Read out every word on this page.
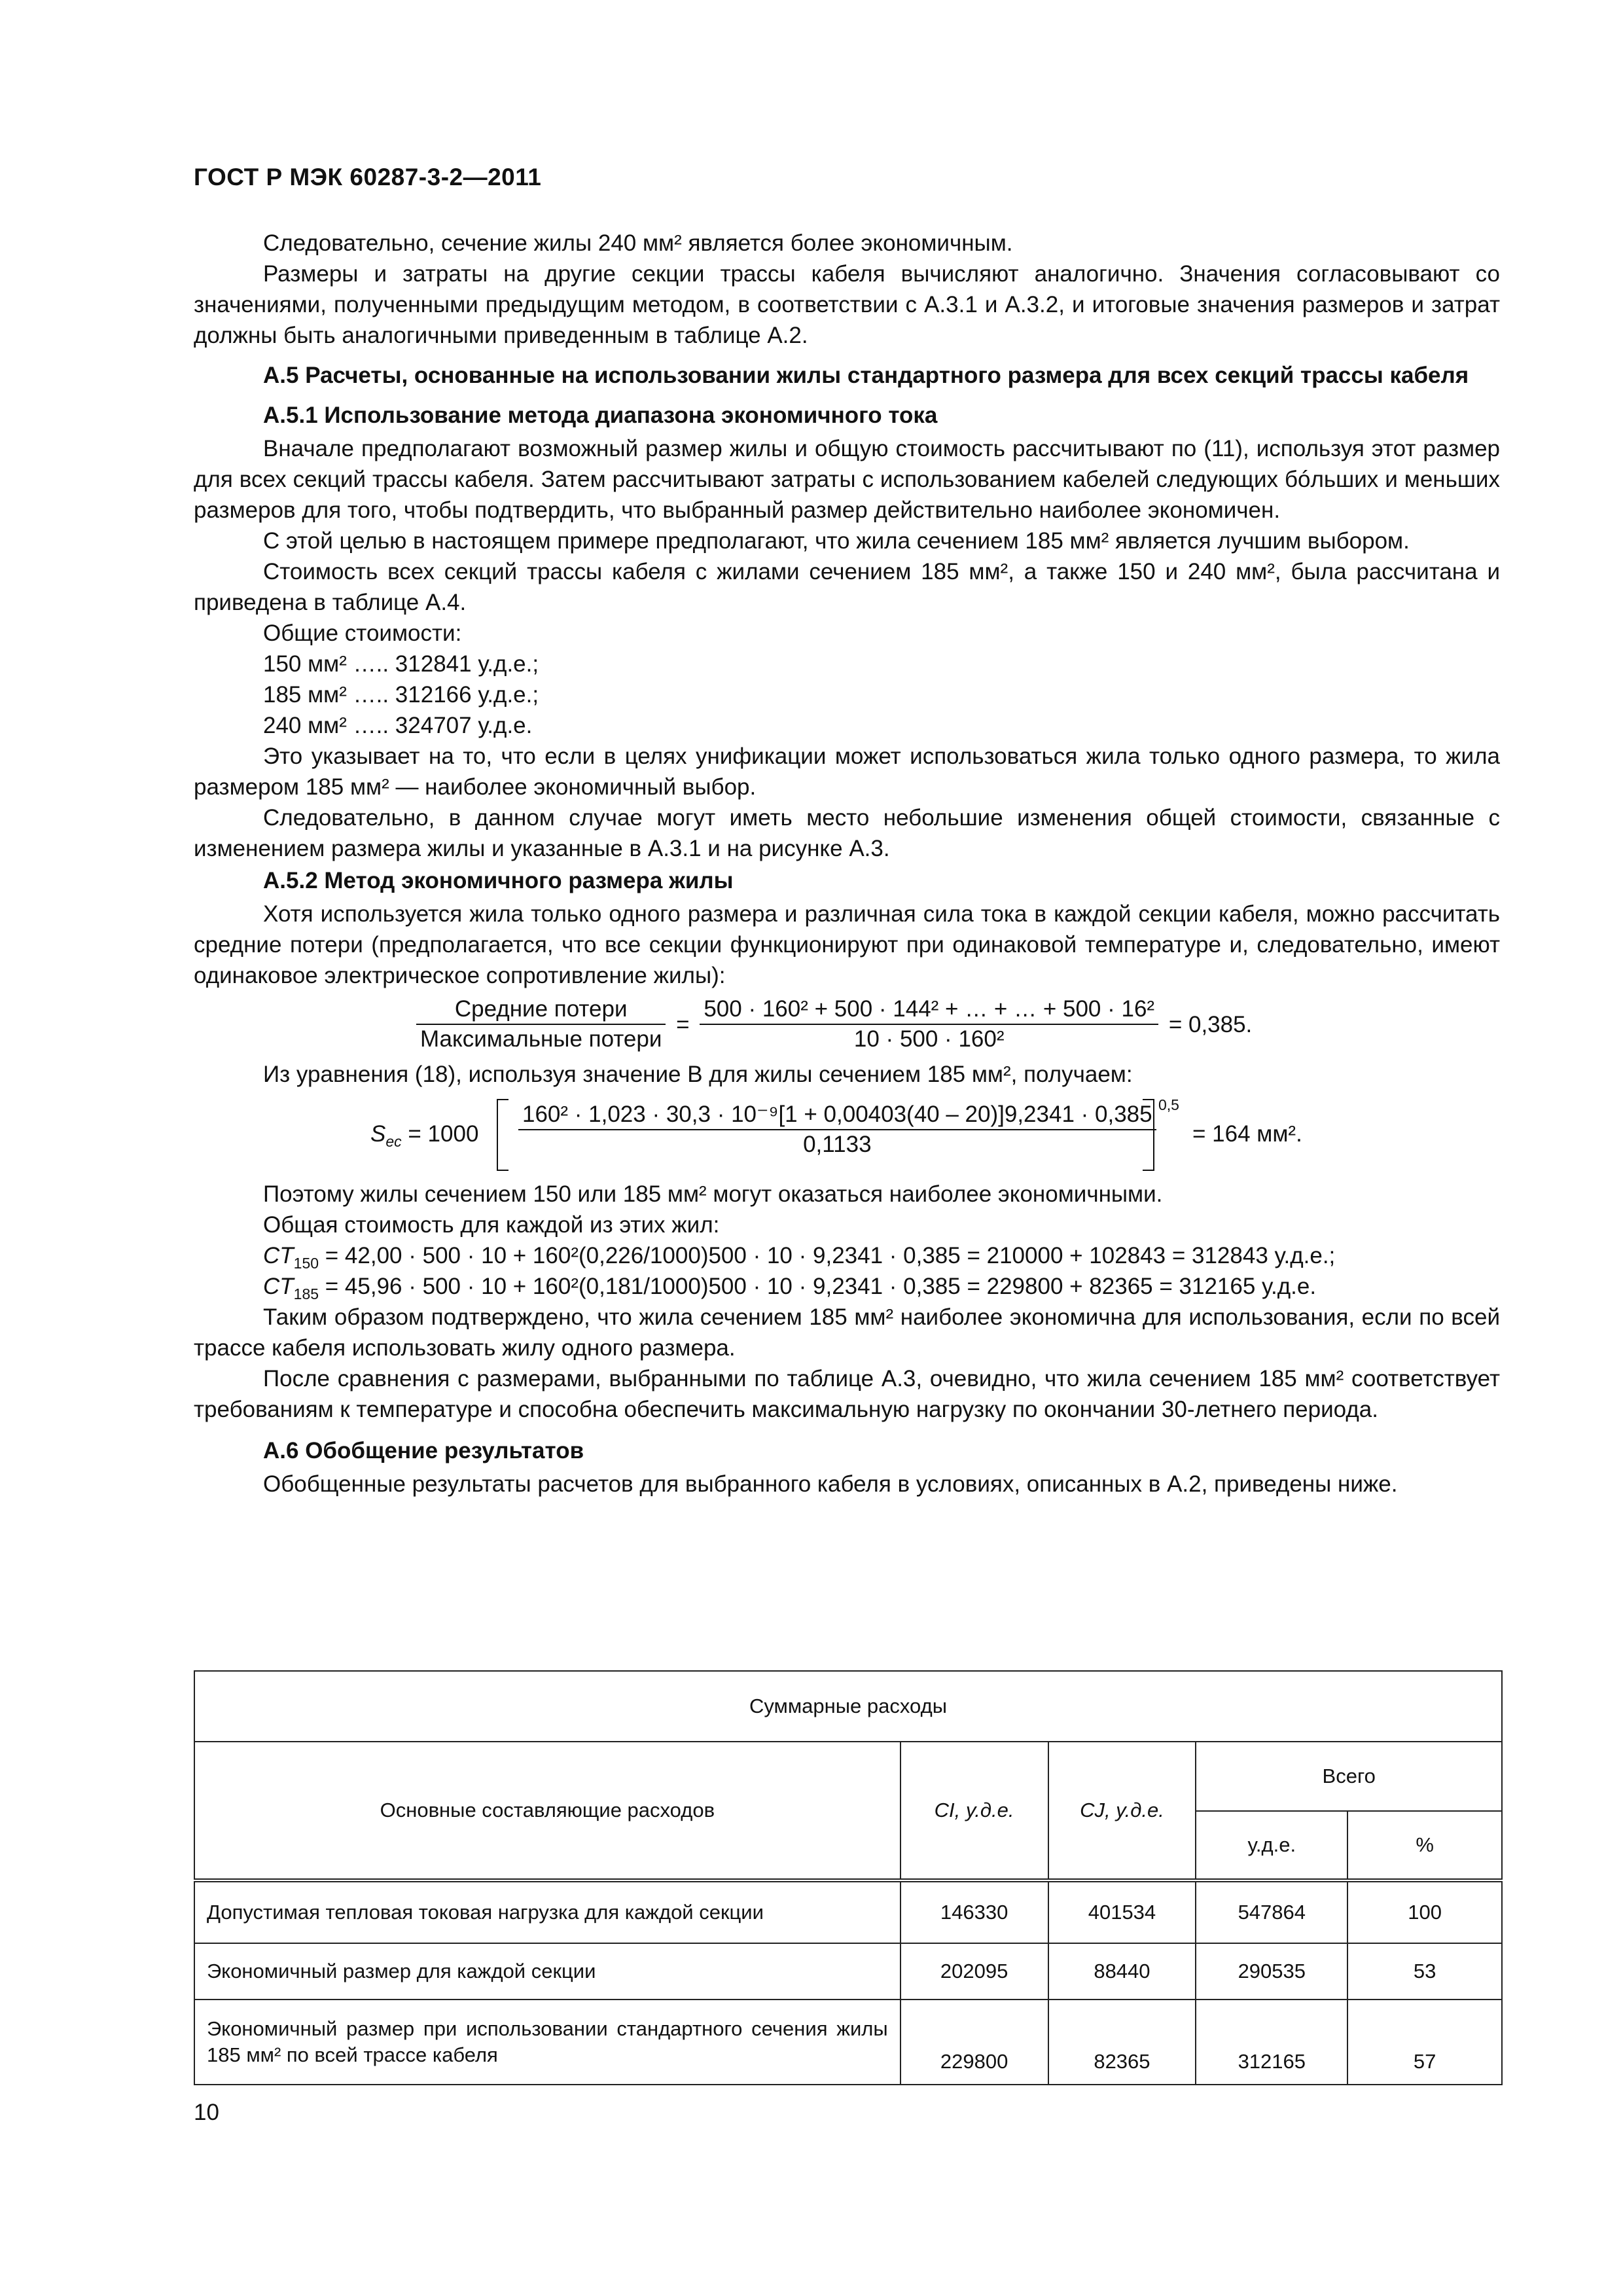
ГОСТ Р МЭК 60287-3-2—2011

Следовательно, сечение жилы 240 мм² является более экономичным.

Размеры и затраты на другие секции трассы кабеля вычисляют аналогично. Значения согласовывают со значениями, полученными предыдущим методом, в соответствии с А.3.1 и А.3.2, и итоговые значения размеров и затрат должны быть аналогичными приведенным в таблице А.2.

А.5 Расчеты, основанные на использовании жилы стандартного размера для всех секций трассы кабеля

А.5.1 Использование метода диапазона экономичного тока

Вначале предполагают возможный размер жилы и общую стоимость рассчитывают по (11), используя этот размер для всех секций трассы кабеля. Затем рассчитывают затраты с использованием кабелей следующих бóльших и меньших размеров для того, чтобы подтвердить, что выбранный размер действительно наиболее экономичен.

С этой целью в настоящем примере предполагают, что жила сечением 185 мм² является лучшим выбором.

Стоимость всех секций трассы кабеля с жилами сечением 185 мм², а также 150 и 240 мм², была рассчитана и приведена в таблице А.4.

Общие стоимости:

150 мм² ….. 312841 у.д.е.;

185 мм² ….. 312166 у.д.е.;

240 мм² ….. 324707 у.д.е.

Это указывает на то, что если в целях унификации может использоваться жила только одного размера, то жила размером 185 мм² — наиболее экономичный выбор.

Следовательно, в данном случае могут иметь место небольшие изменения общей стоимости, связанные с изменением размера жилы и указанные в А.3.1 и на рисунке А.3.

А.5.2 Метод экономичного размера жилы

Хотя используется жила только одного размера и различная сила тока в каждой секции кабеля, можно рассчитать средние потери (предполагается, что все секции функционируют при одинаковой температуре и, следовательно, имеют одинаковое электрическое сопротивление жилы):

$\frac{\text{Средние потери}}{\text{Максимальные потери}} = \frac{\text{500 · 160² + 500 · 144² + … + … + 500 · 16²}}{\text{10 · 500 · 160²}} = 0,385$.

Из уравнения (18), используя значение B для жилы сечением 185 мм², получаем:

$S_{ec} = 1000$
160² · 1,023 · 30,3 · 10⁻⁹[1 + 0,00403(40 – 20)]9,2341 · 0,385
0,1133
0,5
= 164 мм².

Поэтому жилы сечением 150 или 185 мм² могут оказаться наиболее экономичными.

Общая стоимость для каждой из этих жил:

$CT_{150} = 42,00 \cdot 500 \cdot 10 + 160^2(0,226/1000)500 \cdot 10 \cdot 9,2341 \cdot 0,385 = 210000 + 102843 = 312843$ у.д.е.;

$CT_{185} = 45,96 \cdot 500 \cdot 10 + 160^2(0,181/1000)500 \cdot 10 \cdot 9,2341 \cdot 0,385 = 229800 + 82365 = 312165$ у.д.е.

Таким образом подтверждено, что жила сечением 185 мм² наиболее экономична для использования, если по всей трассе кабеля использовать жилу одного размера.

После сравнения с размерами, выбранными по таблице А.3, очевидно, что жила сечением 185 мм² соответствует требованиям к температуре и способна обеспечить максимальную нагрузку по окончании 30-летнего периода.

А.6 Обобщение результатов

Обобщенные результаты расчетов для выбранного кабеля в условиях, описанных в А.2, приведены ниже.

Суммарные расходы				
Основные составляющие расходов	CI, у.д.е.	CJ, у.д.е.	Всего	
			у.д.е.	%
Допустимая тепловая токовая нагрузка для каждой секции	146330	401534	547864	100
Экономичный размер для каждой секции	202095	88440	290535	53
Экономичный размер при использовании стандартного сечения жилы 185 мм² по всей трассе кабеля	229800	82365	312165	57
10
